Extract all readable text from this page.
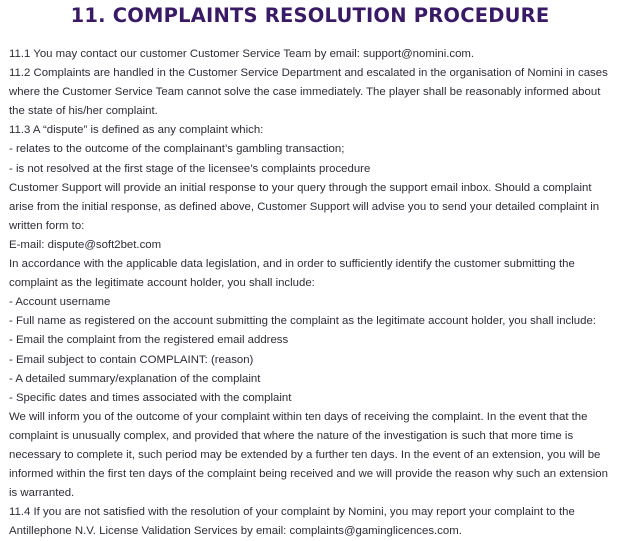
11. COMPLAINTS RESOLUTION PROCEDURE

11.1 You may contact our customer Customer Service Team by email: support@nomini.com.

11.2 Complaints are handled in the Customer Service Department and escalated in the organisation of Nomini in cases where the Customer Service Team cannot solve the case immediately. The player shall be reasonably informed about the state of his/her complaint.

11.3 A “dispute” is defined as any complaint which:

- relates to the outcome of the complainant’s gambling transaction;

- is not resolved at the first stage of the licensee’s complaints procedure

Customer Support will provide an initial response to your query through the support email inbox. Should a complaint arise from the initial response, as defined above, Customer Support will advise you to send your detailed complaint in written form to:

E-mail: dispute@soft2bet.com

In accordance with the applicable data legislation, and in order to sufficiently identify the customer submitting the complaint as the legitimate account holder, you shall include:

- Account username

- Full name as registered on the account submitting the complaint as the legitimate account holder, you shall include:

- Email the complaint from the registered email address

- Email subject to contain COMPLAINT: (reason)

- A detailed summary/explanation of the complaint

- Specific dates and times associated with the complaint

We will inform you of the outcome of your complaint within ten days of receiving the complaint. In the event that the complaint is unusually complex, and provided that where the nature of the investigation is such that more time is necessary to complete it, such period may be extended by a further ten days. In the event of an extension, you will be informed within the first ten days of the complaint being received and we will provide the reason why such an extension is warranted.

11.4 If you are not satisfied with the resolution of your complaint by Nomini, you may report your complaint to the Antillephone N.V. License Validation Services by email: complaints@gaminglicences.com.
